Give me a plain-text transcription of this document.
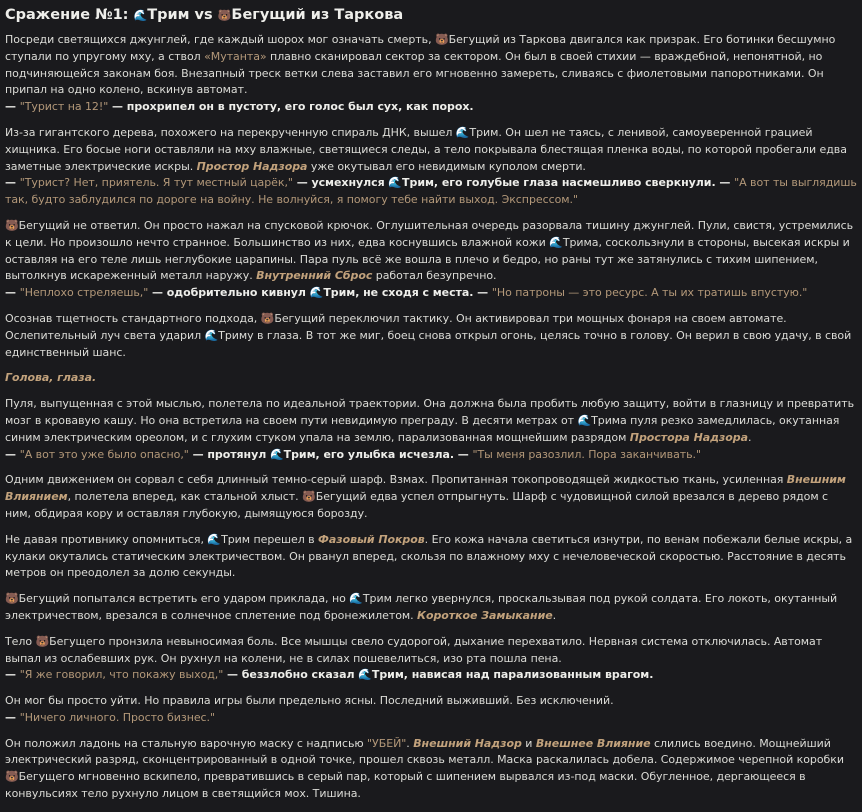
Сражение №1: 🌊Трим vs 🐻Бегущий из Таркова

Посреди светящихся джунглей, где каждый шорох мог означать смерть, 🐻Бегущий из Таркова двигался как призрак. Его ботинки бесшумно ступали по упругому мху, а ствол «Мутанта» плавно сканировал сектор за сектором. Он был в своей стихии — враждебной, непонятной, но подчиняющейся законам боя. Внезапный треск ветки слева заставил его мгновенно замереть, сливаясь с фиолетовыми папоротниками. Он припал на одно колено, вскинув автомат.
— "Турист на 12!" — прохрипел он в пустоту, его голос был сух, как порох.

Из-за гигантского дерева, похожего на перекрученную спираль ДНК, вышел 🌊Трим. Он шел не таясь, с ленивой, самоуверенной грацией хищника. Его босые ноги оставляли на мху влажные, светящиеся следы, а тело покрывала блестящая пленка воды, по которой пробегали едва заметные электрические искры. Простор Надзора уже окутывал его невидимым куполом смерти.
— "Турист? Нет, приятель. Я тут местный царёк," — усмехнулся 🌊Трим, его голубые глаза насмешливо сверкнули. — "А вот ты выглядишь так, будто заблудился по дороге на войну. Не волнуйся, я помогу тебе найти выход. Экспрессом."

🐻Бегущий не ответил. Он просто нажал на спусковой крючок. Оглушительная очередь разорвала тишину джунглей. Пули, свистя, устремились к цели. Но произошло нечто странное. Большинство из них, едва коснувшись влажной кожи 🌊Трима, соскользнули в стороны, высекая искры и оставляя на его теле лишь неглубокие царапины. Пара пуль всё же вошла в плечо и бедро, но раны тут же затянулись с тихим шипением, вытолкнув искареженный металл наружу. Внутренний Сброс работал безупречно.
— "Неплохо стреляешь," — одобрительно кивнул 🌊Трим, не сходя с места. — "Но патроны — это ресурс. А ты их тратишь впустую."

Осознав тщетность стандартного подхода, 🐻Бегущий переключил тактику. Он активировал три мощных фонаря на своем автомате. Ослепительный луч света ударил 🌊Триму в глаза. В тот же миг, боец снова открыл огонь, целясь точно в голову. Он верил в свою удачу, в свой единственный шанс.

Голова, глаза.

Пуля, выпущенная с этой мыслью, полетела по идеальной траектории. Она должна была пробить любую защиту, войти в глазницу и превратить мозг в кровавую кашу. Но она встретила на своем пути невидимую преграду. В десяти метрах от 🌊Трима пуля резко замедлилась, окутанная синим электрическим ореолом, и с глухим стуком упала на землю, парализованная мощнейшим разрядом Простора Надзора.
— "А вот это уже было опасно," — протянул 🌊Трим, его улыбка исчезла. — "Ты меня разозлил. Пора заканчивать."

Одним движением он сорвал с себя длинный темно-серый шарф. Взмах. Пропитанная токопроводящей жидкостью ткань, усиленная Внешним Влиянием, полетела вперед, как стальной хлыст. 🐻Бегущий едва успел отпрыгнуть. Шарф с чудовищной силой врезался в дерево рядом с ним, обдирая кору и оставляя глубокую, дымящуюся борозду.

Не давая противнику опомниться, 🌊Трим перешел в Фазовый Покров. Его кожа начала светиться изнутри, по венам побежали белые искры, а кулаки окутались статическим электричеством. Он рванул вперед, скользя по влажному мху с нечеловеческой скоростью. Расстояние в десять метров он преодолел за долю секунды.

🐻Бегущий попытался встретить его ударом приклада, но 🌊Трим легко увернулся, проскальзывая под рукой солдата. Его локоть, окутанный электричеством, врезался в солнечное сплетение под бронежилетом. Короткое Замыкание.

Тело 🐻Бегущего пронзила невыносимая боль. Все мышцы свело судорогой, дыхание перехватило. Нервная система отключилась. Автомат выпал из ослабевших рук. Он рухнул на колени, не в силах пошевелиться, изо рта пошла пена.
— "Я же говорил, что покажу выход," — беззлобно сказал 🌊Трим, нависая над парализованным врагом.

Он мог бы просто уйти. Но правила игры были предельно ясны. Последний выживший. Без исключений.
— "Ничего личного. Просто бизнес."

Он положил ладонь на стальную варочную маску с надписью "УБЕЙ". Внешний Надзор и Внешнее Влияние слились воедино. Мощнейший электрический разряд, сконцентрированный в одной точке, прошел сквозь металл. Маска раскалилась добела. Содержимое черепной коробки 🐻Бегущего мгновенно вскипело, превратившись в серый пар, который с шипением вырвался из-под маски. Обугленное, дергающееся в конвульсиях тело рухнуло лицом в светящийся мох. Тишина.
